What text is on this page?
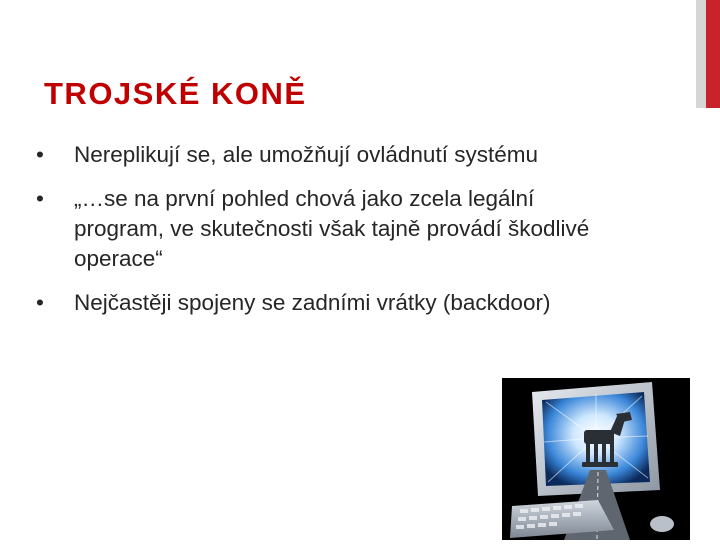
TROJSKÉ KONĚ
•	Nereplikují se, ale umožňují ovládnutí systému
•	„…se na první pohled chová jako zcela legální program, ve skutečnosti však tajně provádí škodlivé operace“
•	Nejčastěji spojeny se zadními vrátky (backdoor)
